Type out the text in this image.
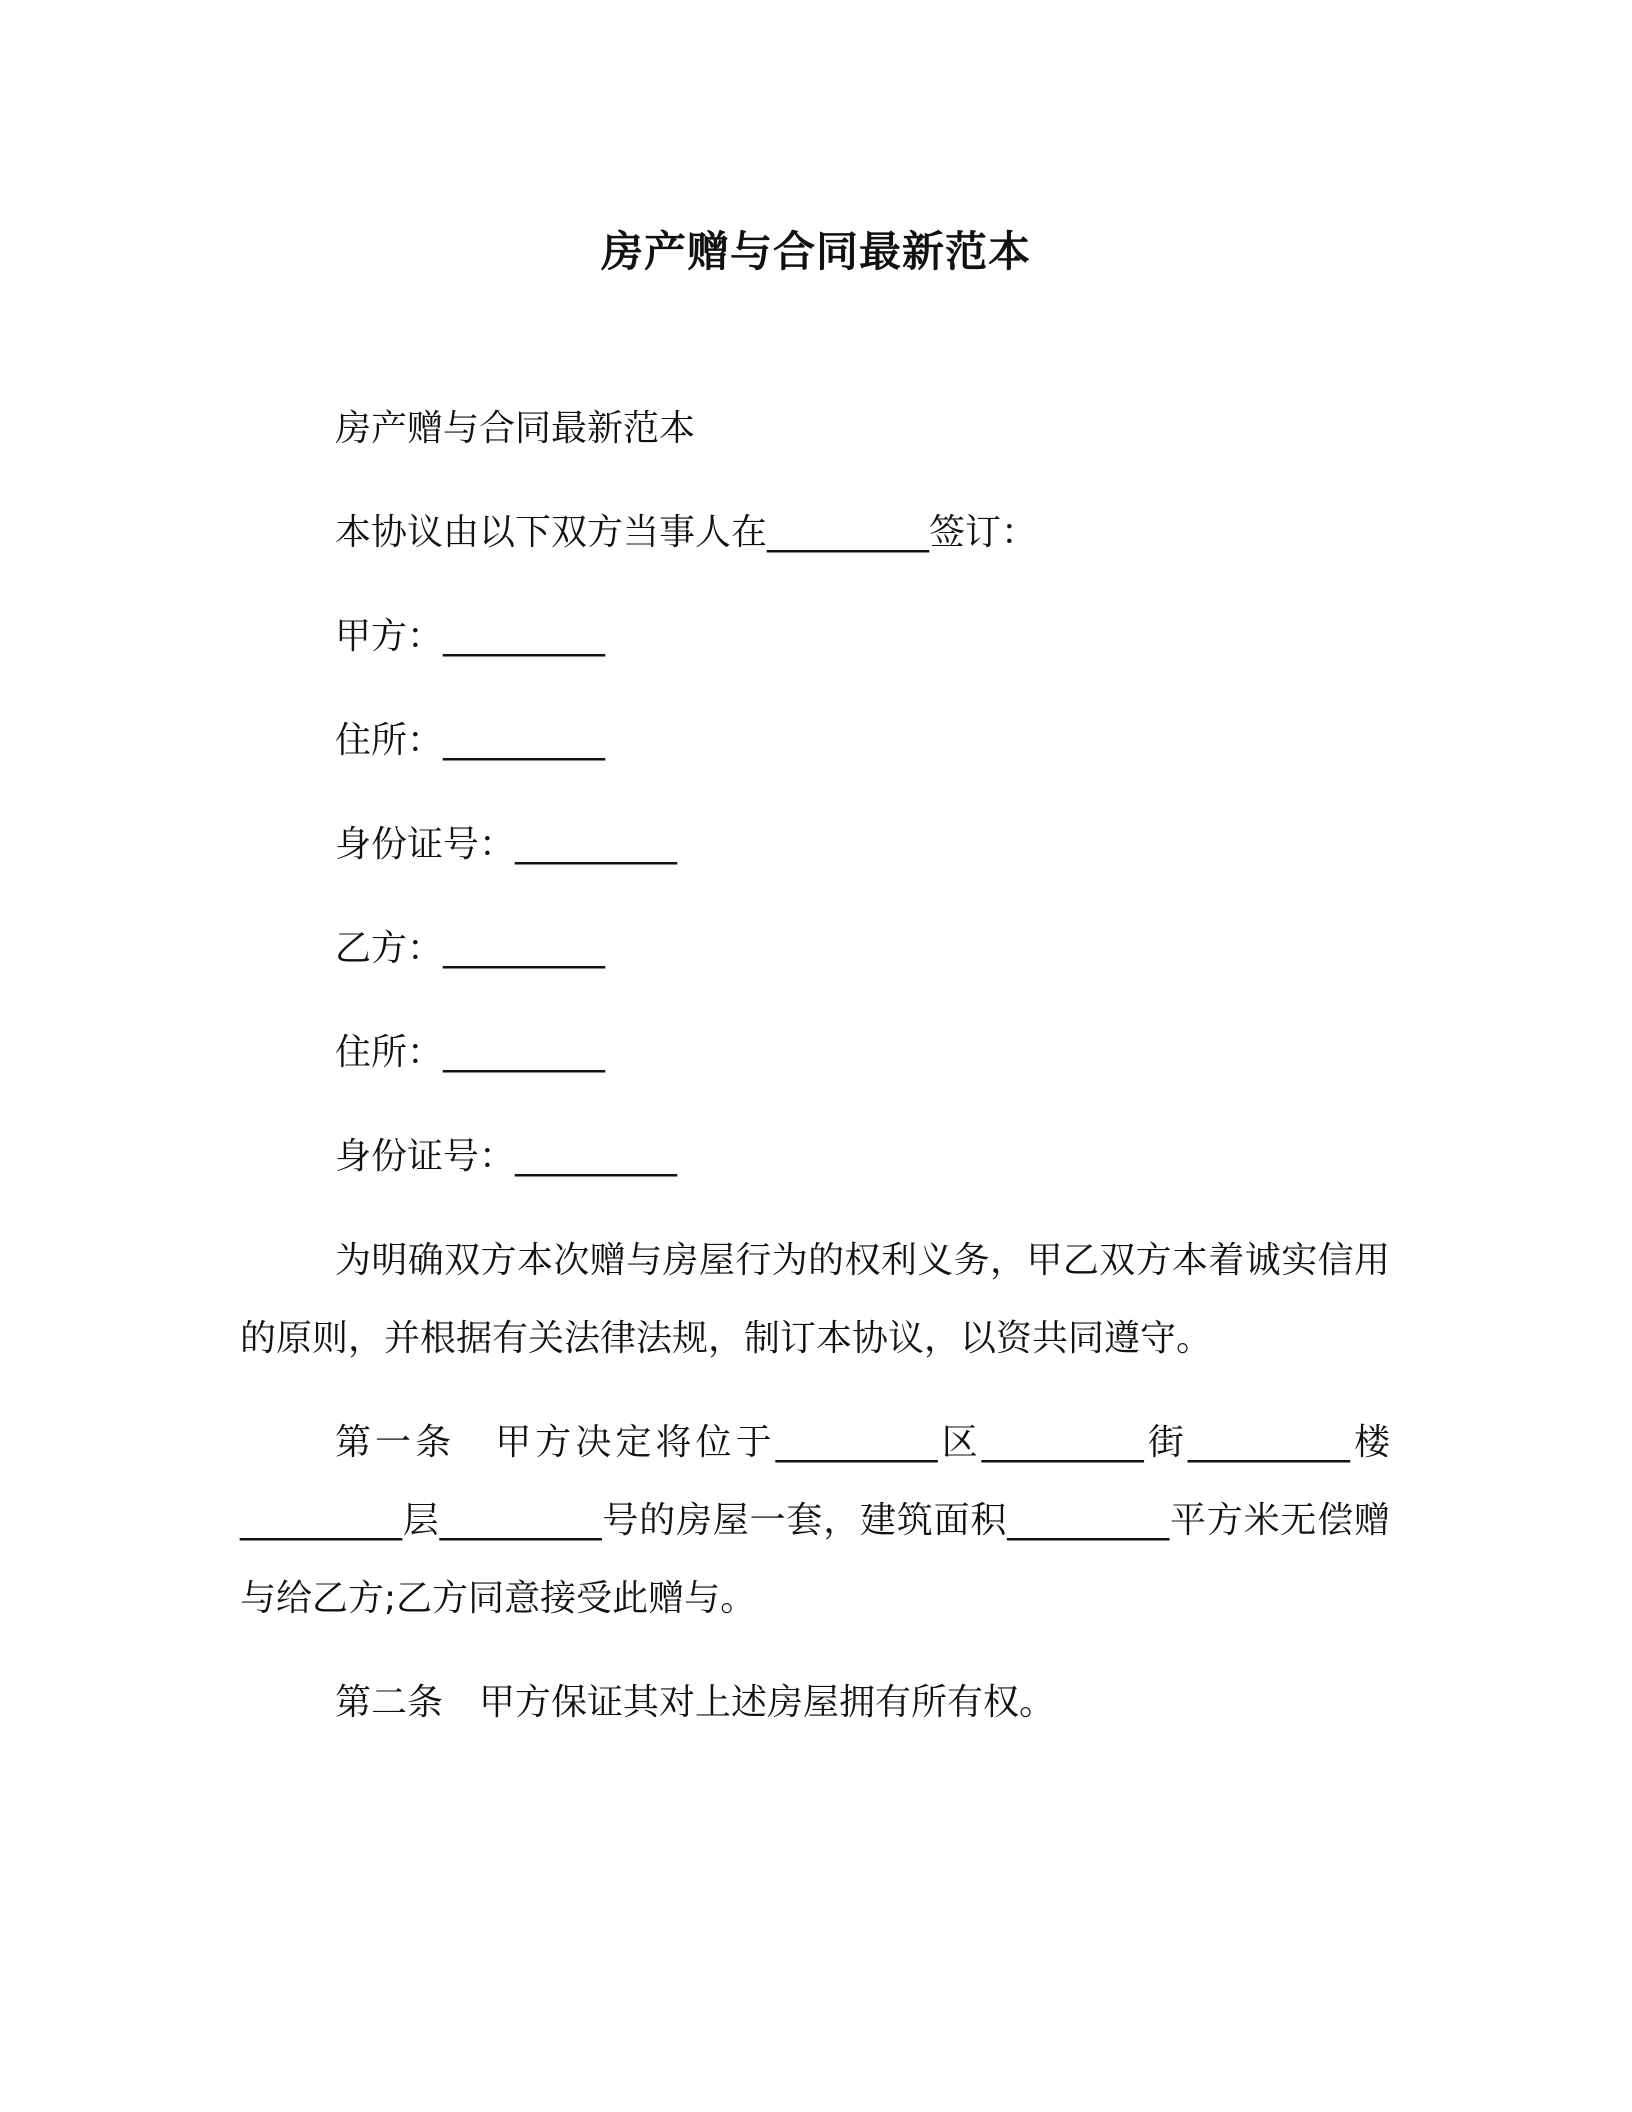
房产赠与合同最新范本

房产赠与合同最新范本

本协议由以下双方当事人在_________签订：

甲方：_________

住所：_________

身份证号：_________

乙方：_________

住所：_________

身份证号：_________

为明确双方本次赠与房屋行为的权利义务，甲乙双方本着诚实信用的原则，并根据有关法律法规，制订本协议，以资共同遵守。

第一条　甲方决定将位于_________区_________街_________楼_________层_________号的房屋一套，建筑面积_________平方米无偿赠与给乙方;乙方同意接受此赠与。

第二条　甲方保证其对上述房屋拥有所有权。
